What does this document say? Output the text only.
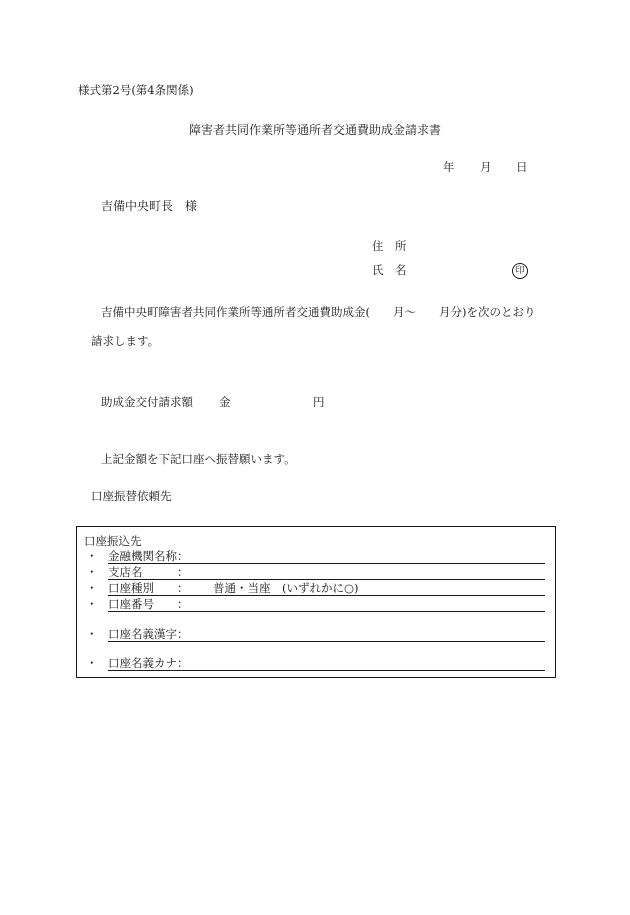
様式第2号(第4条関係)
障害者共同作業所等通所者交通費助成金請求書
年 月 日
吉備中央町長　様
住　所
氏　名	印
吉備中央町障害者共同作業所等通所者交通費助成金(　　月～　　月分)を次のとおり
請求します。
助成金交付請求額 金	円
上記金額を下記口座へ振替願います。
口座振替依頼先
口座振込先
・ 金融機関名称：
・ 支店名　　　：
・ 口座種別　　： 普通・当座　(いずれかに○)
・ 口座番号　　：
・ 口座名義漢字：
・ 口座名義カナ：
